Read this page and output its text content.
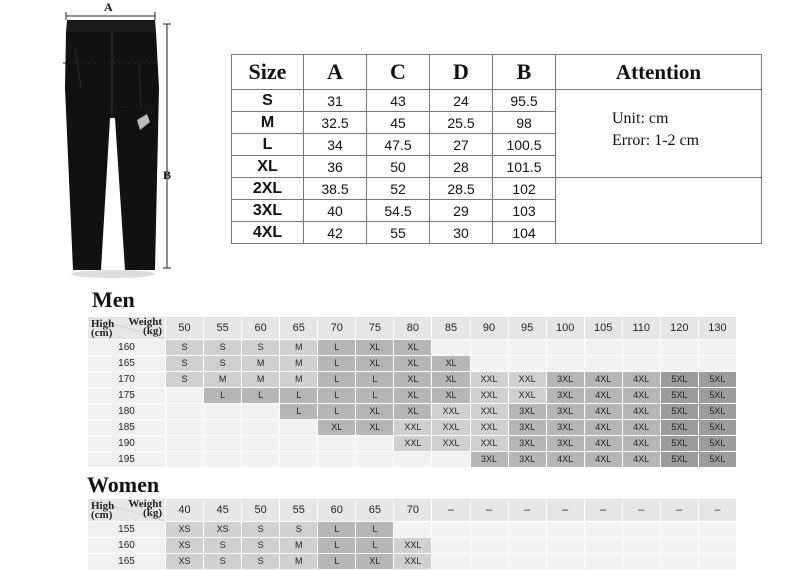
A
C
D
B
Size	A	C	D	B	Attention
S	31	43	24	95.5	Unit: cm
Error: 1-2 cm

M	32.5	45	25.5	98	
L	34	47.5	27	100.5	
XL	36	50	28	101.5	
2XL	38.5	52	28.5	102	
3XL	40	54.5	29	103	
4XL	42	55	30	104	
Men
Weight
(kg)
High
(cm)	50	55	60	65	70	75	80	85	90	95	100	105	110	120	130
160	S	S	S	M	L	XL	XL								
165	S	S	M	M	L	XL	XL	XL							
170	S	M	M	M	L	L	XL	XL	XXL	XXL	3XL	4XL	4XL	5XL	5XL
175		L	L	L	L	L	XL	XL	XXL	XXL	3XL	4XL	4XL	5XL	5XL
180				L	L	XL	XL	XXL	XXL	3XL	3XL	4XL	4XL	5XL	5XL
185					XL	XL	XXL	XXL	XXL	3XL	3XL	4XL	4XL	5XL	5XL
190							XXL	XXL	XXL	3XL	3XL	4XL	4XL	5XL	5XL
195									3XL	3XL	4XL	4XL	4XL	5XL	5XL
Women
Weight
(kg)
High
(cm)	40	45	50	55	60	65	70	–	–	–	–	–	–	–	–
155	XS	XS	S	S	L	L									
160	XS	S	S	M	L	L	XXL								
165	XS	S	S	M	L	XL	XXL								
